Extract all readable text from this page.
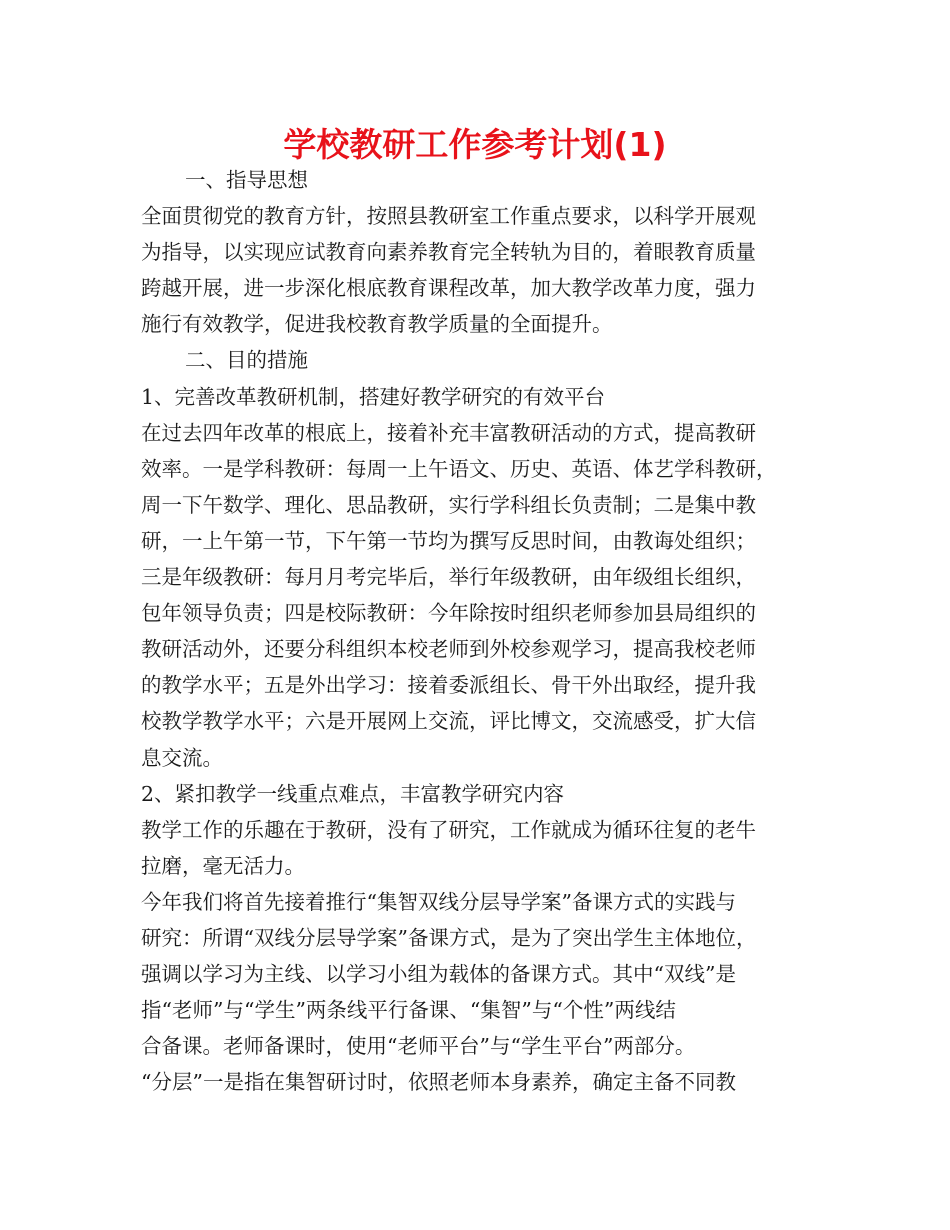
学校教研工作参考计划(1)
一、指导思想
全面贯彻党的教育方针，按照县教研室工作重点要求，以科学开展观
为指导，以实现应试教育向素养教育完全转轨为目的，着眼教育质量
跨越开展，进一步深化根底教育课程改革，加大教学改革力度，强力
施行有效教学，促进我校教育教学质量的全面提升。
二、目的措施
1、完善改革教研机制，搭建好教学研究的有效平台
在过去四年改革的根底上，接着补充丰富教研活动的方式，提高教研
效率。一是学科教研：每周一上午语文、历史、英语、体艺学科教研，
周一下午数学、理化、思品教研，实行学科组长负责制；二是集中教
研，一上午第一节，下午第一节均为撰写反思时间，由教诲处组织；
三是年级教研：每月月考完毕后，举行年级教研，由年级组长组织，
包年领导负责；四是校际教研：今年除按时组织老师参加县局组织的
教研活动外，还要分科组织本校老师到外校参观学习，提高我校老师
的教学水平；五是外出学习：接着委派组长、骨干外出取经，提升我
校教学教学水平；六是开展网上交流，评比博文，交流感受，扩大信
息交流。
2、紧扣教学一线重点难点，丰富教学研究内容
教学工作的乐趣在于教研，没有了研究，工作就成为循环往复的老牛
拉磨，毫无活力。
今年我们将首先接着推行“集智双线分层导学案”备课方式的实践与
研究：所谓“双线分层导学案”备课方式，是为了突出学生主体地位，
强调以学习为主线、以学习小组为载体的备课方式。其中“双线”是
指“老师”与“学生”两条线平行备课、“集智”与“个性”两线结
合备课。老师备课时，使用“老师平台”与“学生平台”两部分。
“分层”一是指在集智研讨时，依照老师本身素养，确定主备不同教
